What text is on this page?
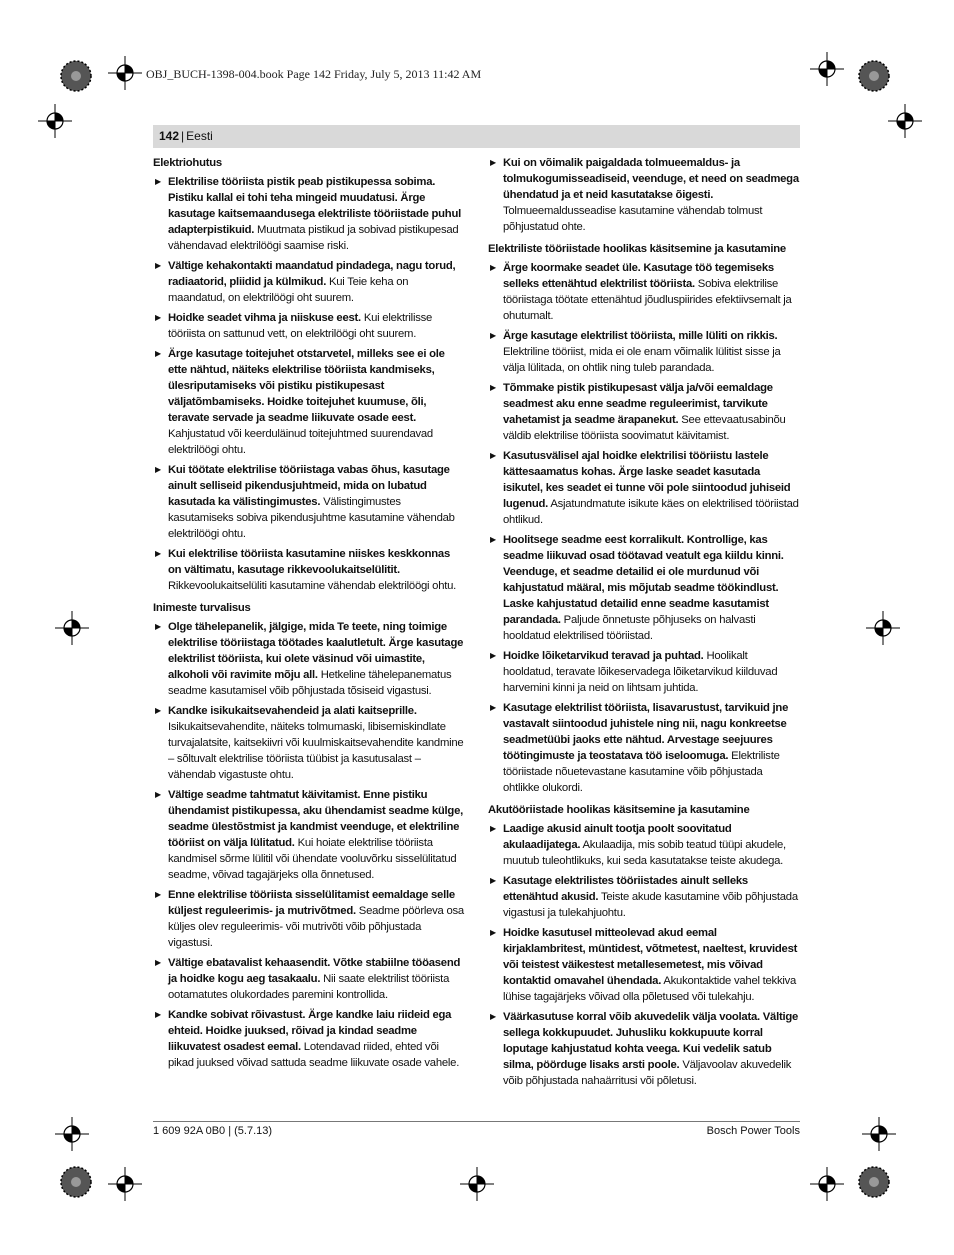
OBJ_BUCH-1398-004.book Page 142 Friday, July 5, 2013 11:42 AM
142 | Eesti
Elektriohutus
▶ Elektrilise tööriista pistik peab pistikupessa sobima. Pistiku kallal ei tohi teha mingeid muudatusi. Ärge kasutage kaitsemaandusega elektriliste tööriistade puhul adapterpistikuid. Muutmata pistikud ja sobivad pistikupesad vähendavad elektrilöögi saamise riski.
▶ Vältige kehakontakti maandatud pindadega, nagu torud, radiaatorid, pliidid ja külmikud. Kui Teie keha on maandatud, on elektrilöögi oht suurem.
▶ Hoidke seadet vihma ja niiskuse eest. Kui elektrilisse tööriista on sattunud vett, on elektrilöögi oht suurem.
▶ Ärge kasutage toitejuhet otstarvetel, milleks see ei ole ette nähtud, näiteks elektrilise tööriista kandmiseks, ülesriputamiseks või pistiku pistikupesast väljatõmbamiseks. Hoidke toitejuhet kuumuse, õli, teravate servade ja seadme liikuvate osade eest. Kahjustatud või keerduläinud toitejuhtmed suurendavad elektrilöögi ohtu.
▶ Kui töötate elektrilise tööriistaga vabas õhus, kasutage ainult selliseid pikendusjuhtmeid, mida on lubatud kasutada ka välistingimustes. Välistingimustes kasutamiseks sobiva pikendusjuhtme kasutamine vähendab elektrilöögi ohtu.
▶ Kui elektrilise tööriista kasutamine niiskes keskkonnas on vältimatu, kasutage rikkevoolukaitselülitit. Rikkevoolukaitselüliti kasutamine vähendab elektrilöögi ohtu.
Inimeste turvalisus
▶ Olge tähelepanelik, jälgige, mida Te teete, ning toimige elektrilise tööriistaga töötades kaalutletult. Ärge kasutage elektrilist tööriista, kui olete väsinud või uimastite, alkoholi või ravimite mõju all. Hetkeline tähelepanematus seadme kasutamisel võib põhjustada tõsiseid vigastusi.
▶ Kandke isikukaitsevahendeid ja alati kaitseprille. Isikukaitsevahendite, näiteks tolmumaski, libisemiskindlate turvajalatsite, kaitsekiivri või kuulmiskaitsevahendite kandmine – sõltuvalt elektrilise tööriista tüübist ja kasutusalast – vähendab vigastuste ohtu.
▶ Vältige seadme tahtmatut käivitamist. Enne pistiku ühendamist pistikupessa, aku ühendamist seadme külge, seadme ülestõstmist ja kandmist veenduge, et elektriline tööriist on välja lülitatud. Kui hoiate elektrilise tööriista kandmisel sõrme lülitil või ühendate vooluvõrku sisselülitatud seadme, võivad tagajärjeks olla õnnetused.
▶ Enne elektrilise tööriista sisselülitamist eemaldage selle küljest reguleerimis- ja mutrivõtmed. Seadme pöörleva osa küljes olev reguleerimis- või mutrivõti võib põhjustada vigastusi.
▶ Vältige ebatavalist kehaasendit. Võtke stabiilne tööasend ja hoidke kogu aeg tasakaalu. Nii saate elektrilist tööriista ootamatutes olukordades paremini kontrollida.
▶ Kandke sobivat rõivastust. Ärge kandke laiu riideid ega ehteid. Hoidke juuksed, rõivad ja kindad seadme liikuvatest osadest eemal. Lotendavad riided, ehted või pikad juuksed võivad sattuda seadme liikuvate osade vahele.
▶ Kui on võimalik paigaldada tolmueemaldus- ja tolmukogumisseadiseid, veenduge, et need on seadmega ühendatud ja et neid kasutatakse õigesti. Tolmueemaldusseadise kasutamine vähendab tolmust põhjustatud ohte.
Elektriliste tööriistade hoolikas käsitsemine ja kasutamine
▶ Ärge koormake seadet üle. Kasutage töö tegemiseks selleks ettenähtud elektrilist tööriista. Sobiva elektrilise tööriistaga töötate ettenähtud jõudluspiirides efektiivsemalt ja ohutumalt.
▶ Ärge kasutage elektrilist tööriista, mille lüliti on rikkis. Elektriline tööriist, mida ei ole enam võimalik lülitist sisse ja välja lülitada, on ohtlik ning tuleb parandada.
▶ Tõmmake pistik pistikupesast välja ja/või eemaldage seadmest aku enne seadme reguleerimist, tarvikute vahetamist ja seadme ärapanekut. See ettevaatusabinõu väldib elektrilise tööriista soovimatut käivitamist.
▶ Kasutusvälisel ajal hoidke elektrilisi tööriistu lastele kättesaamatus kohas. Ärge laske seadet kasutada isikutel, kes seadet ei tunne või pole siintoodud juhiseid lugenud. Asjatundmatute isikute käes on elektrilised tööriistad ohtlikud.
▶ Hoolitsege seadme eest korralikult. Kontrollige, kas seadme liikuvad osad töötavad veatult ega kiildu kinni. Veenduge, et seadme detailid ei ole murdunud või kahjustatud määral, mis mõjutab seadme töökindlust. Laske kahjustatud detailid enne seadme kasutamist parandada. Paljude õnnetuste põhjuseks on halvasti hooldatud elektrilised tööriistad.
▶ Hoidke lõiketarvikud teravad ja puhtad. Hoolikalt hooldatud, teravate lõikeservadega lõiketarvikud kiilduvad harvemini kinni ja neid on lihtsam juhtida.
▶ Kasutage elektrilist tööriista, lisavarustust, tarvikuid jne vastavalt siintoodud juhistele ning nii, nagu konkreetse seadmetüübi jaoks ette nähtud. Arvestage seejuures töötingimuste ja teostatava töö iseloomuga. Elektriliste tööriistade nõuetevastane kasutamine võib põhjustada ohtlikke olukordi.
Akutööriistade hoolikas käsitsemine ja kasutamine
▶ Laadige akusid ainult tootja poolt soovitatud akulaadijatega. Akulaadija, mis sobib teatud tüüpi akudele, muutub tuleohtlikuks, kui seda kasutatakse teiste akudega.
▶ Kasutage elektrilistes tööriistades ainult selleks ettenähtud akusid. Teiste akude kasutamine võib põhjustada vigastusi ja tulekahjuohtu.
▶ Hoidke kasutusel mitteolevad akud eemal kirjaklambritest, müntidest, võtmetest, naeltest, kruvidest või teistest väikestest metallesemetest, mis võivad kontaktid omavahel ühendada. Akukontaktide vahel tekkiva lühise tagajärjeks võivad olla põletused või tulekahju.
▶ Väärkasutuse korral võib akuvedelik välja voolata. Vältige sellega kokkupuudet. Juhusliku kokkupuute korral loputage kahjustatud kohta veega. Kui vedelik satub silma, pöörduge lisaks arsti poole. Väljavoolav akuvedelik võib põhjustada nahaärritusi või põletusi.
1 609 92A 0B0 | (5.7.13)	Bosch Power Tools
